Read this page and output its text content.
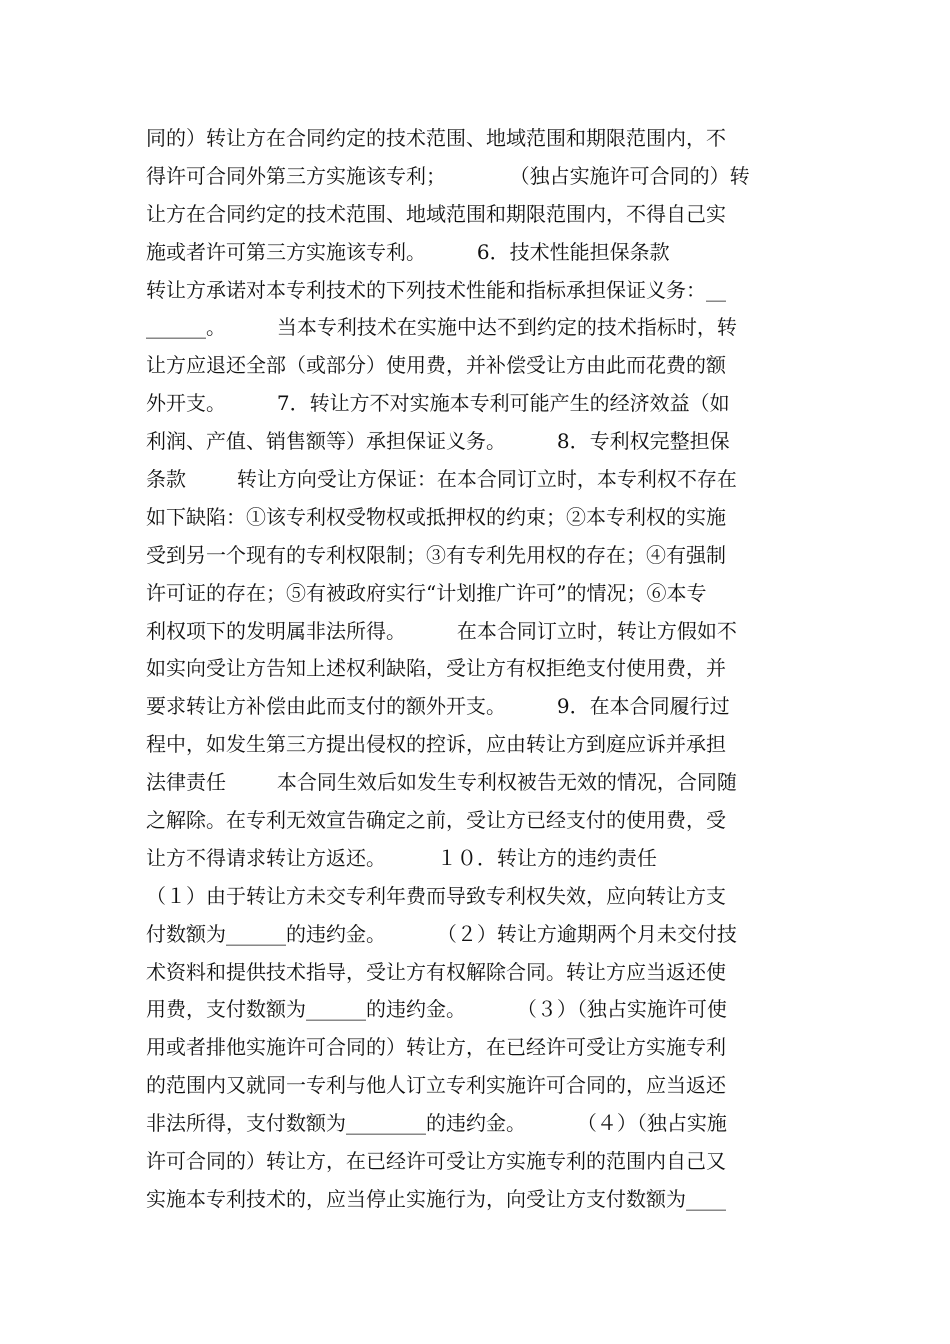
同的）转让方在合同约定的技术范围、地域范围和期限范围内，不
得许可合同外第三方实施该专利；          （独占实施许可合同的）转
让方在合同约定的技术范围、地域范围和期限范围内，不得自己实
施或者许可第三方实施该专利。        6．技术性能担保条款
转让方承诺对本专利技术的下列技术性能和指标承担保证义务：__
______。        当本专利技术在实施中达不到约定的技术指标时，转
让方应退还全部（或部分）使用费，并补偿受让方由此而花费的额
外开支。        7．转让方不对实施本专利可能产生的经济效益（如
利润、产值、销售额等）承担保证义务。        8．专利权完整担保
条款        转让方向受让方保证：在本合同订立时，本专利权不存在
如下缺陷：①该专利权受物权或抵押权的约束；②本专利权的实施
受到另一个现有的专利权限制；③有专利先用权的存在；④有强制
许可证的存在；⑤有被政府实行“计划推广许可”的情况；⑥本专
利权项下的发明属非法所得。        在本合同订立时，转让方假如不
如实向受让方告知上述权利缺陷，受让方有权拒绝支付使用费，并
要求转让方补偿由此而支付的额外开支。        9．在本合同履行过
程中，如发生第三方提出侵权的控诉，应由转让方到庭应诉并承担
法律责任        本合同生效后如发生专利权被告无效的情况，合同随
之解除。在专利无效宣告确定之前，受让方已经支付的使用费，受
让方不得请求转让方返还。        １０．转让方的违约责任
（１）由于转让方未交专利年费而导致专利权失效，应向转让方支
付数额为______的违约金。        （２）转让方逾期两个月未交付技
术资料和提供技术指导，受让方有权解除合同。转让方应当返还使
用费，支付数额为______的违约金。        （３）（独占实施许可使
用或者排他实施许可合同的）转让方，在已经许可受让方实施专利
的范围内又就同一专利与他人订立专利实施许可合同的，应当返还
非法所得，支付数额为________的违约金。        （４）（独占实施
许可合同的）转让方，在已经许可受让方实施专利的范围内自己又
实施本专利技术的，应当停止实施行为，向受让方支付数额为____
